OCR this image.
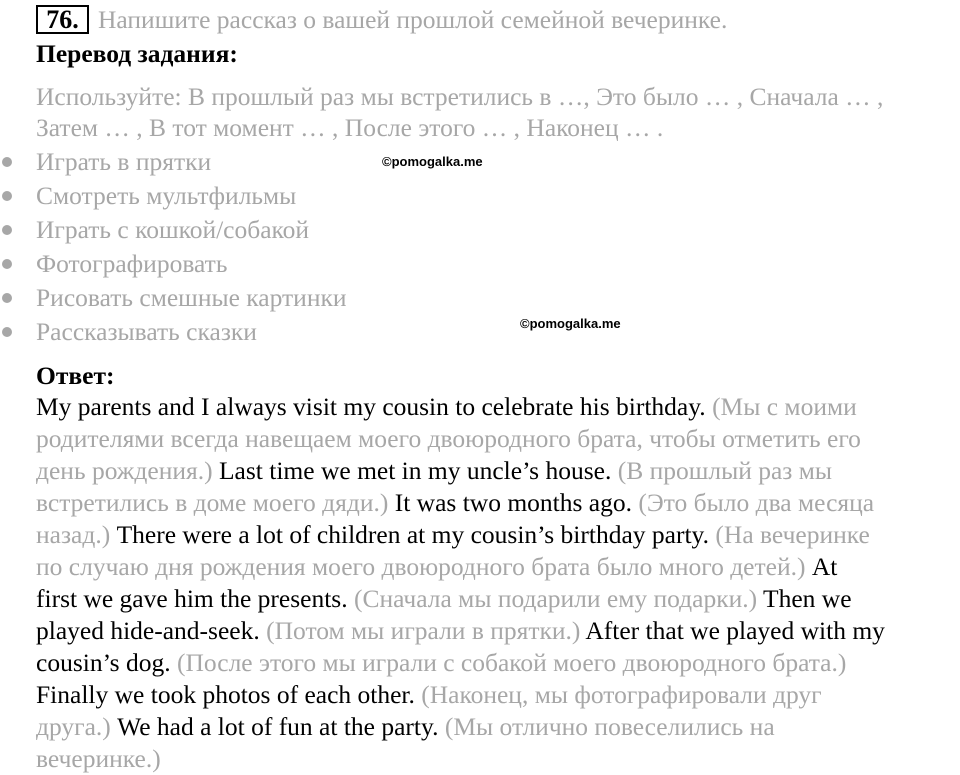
76. Напишите рассказ о вашей прошлой семейной вечеринке.
Перевод задания:
Используйте: В прошлый раз мы встретились в …, Это было … , Сначала … ,
Затем … , В тот момент … , После этого … , Наконец … .
Играть в прятки
Смотреть мультфильмы
Играть с кошкой/собакой
Фотографировать
Рисовать смешные картинки
Рассказывать сказки
©pomogalka.me
©pomogalka.me
Ответ:
My parents and I always visit my cousin to celebrate his birthday. (Мы с моими
родителями всегда навещаем моего двоюродного брата, чтобы отметить его
день рождения.) Last time we met in my uncle’s house. (В прошлый раз мы
встретились в доме моего дяди.) It was two months ago. (Это было два месяца
назад.) There were a lot of children at my cousin’s birthday party. (На вечеринке
по случаю дня рождения моего двоюродного брата было много детей.) At
first we gave him the presents. (Сначала мы подарили ему подарки.) Then we
played hide-and-seek. (Потом мы играли в прятки.) After that we played with my
cousin’s dog. (После этого мы играли с собакой моего двоюродного брата.)
Finally we took photos of each other. (Наконец, мы фотографировали друг
друга.) We had a lot of fun at the party. (Мы отлично повеселились на
вечеринке.)
